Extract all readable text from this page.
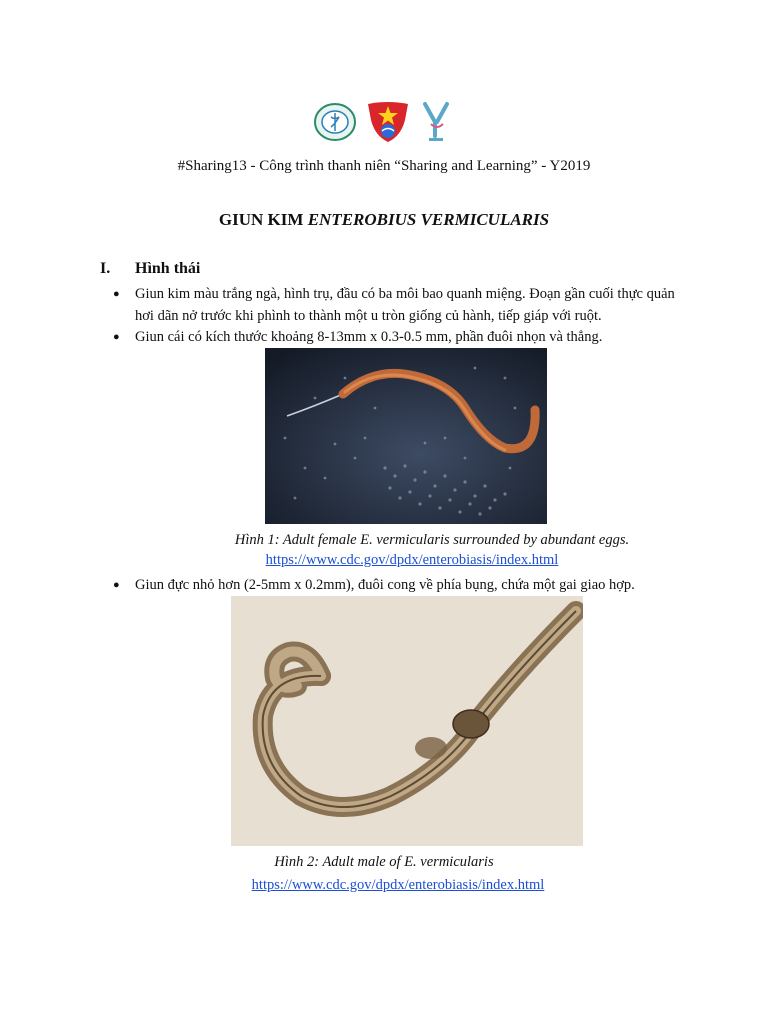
#Sharing13 - Công trình thanh niên “Sharing and Learning” - Y2019
GIUN KIM ENTEROBIUS VERMICULARIS
I. Hình thái
● Giun kim màu trắng ngà, hình trụ, đầu có ba môi bao quanh miệng. Đoạn gần cuối thực quản hơi dãn nở trước khi phình to thành một u tròn giống củ hành, tiếp giáp với ruột.
● Giun cái có kích thước khoảng 8-13mm x 0.3-0.5 mm, phần đuôi nhọn và thẳng.
Hình 1: Adult female E. vermicularis surrounded by abundant eggs.
https://www.cdc.gov/dpdx/enterobiasis/index.html
● Giun đực nhỏ hơn (2-5mm x 0.2mm), đuôi cong về phía bụng, chứa một gai giao hợp.
Hình 2: Adult male of E. vermicularis
https://www.cdc.gov/dpdx/enterobiasis/index.html
